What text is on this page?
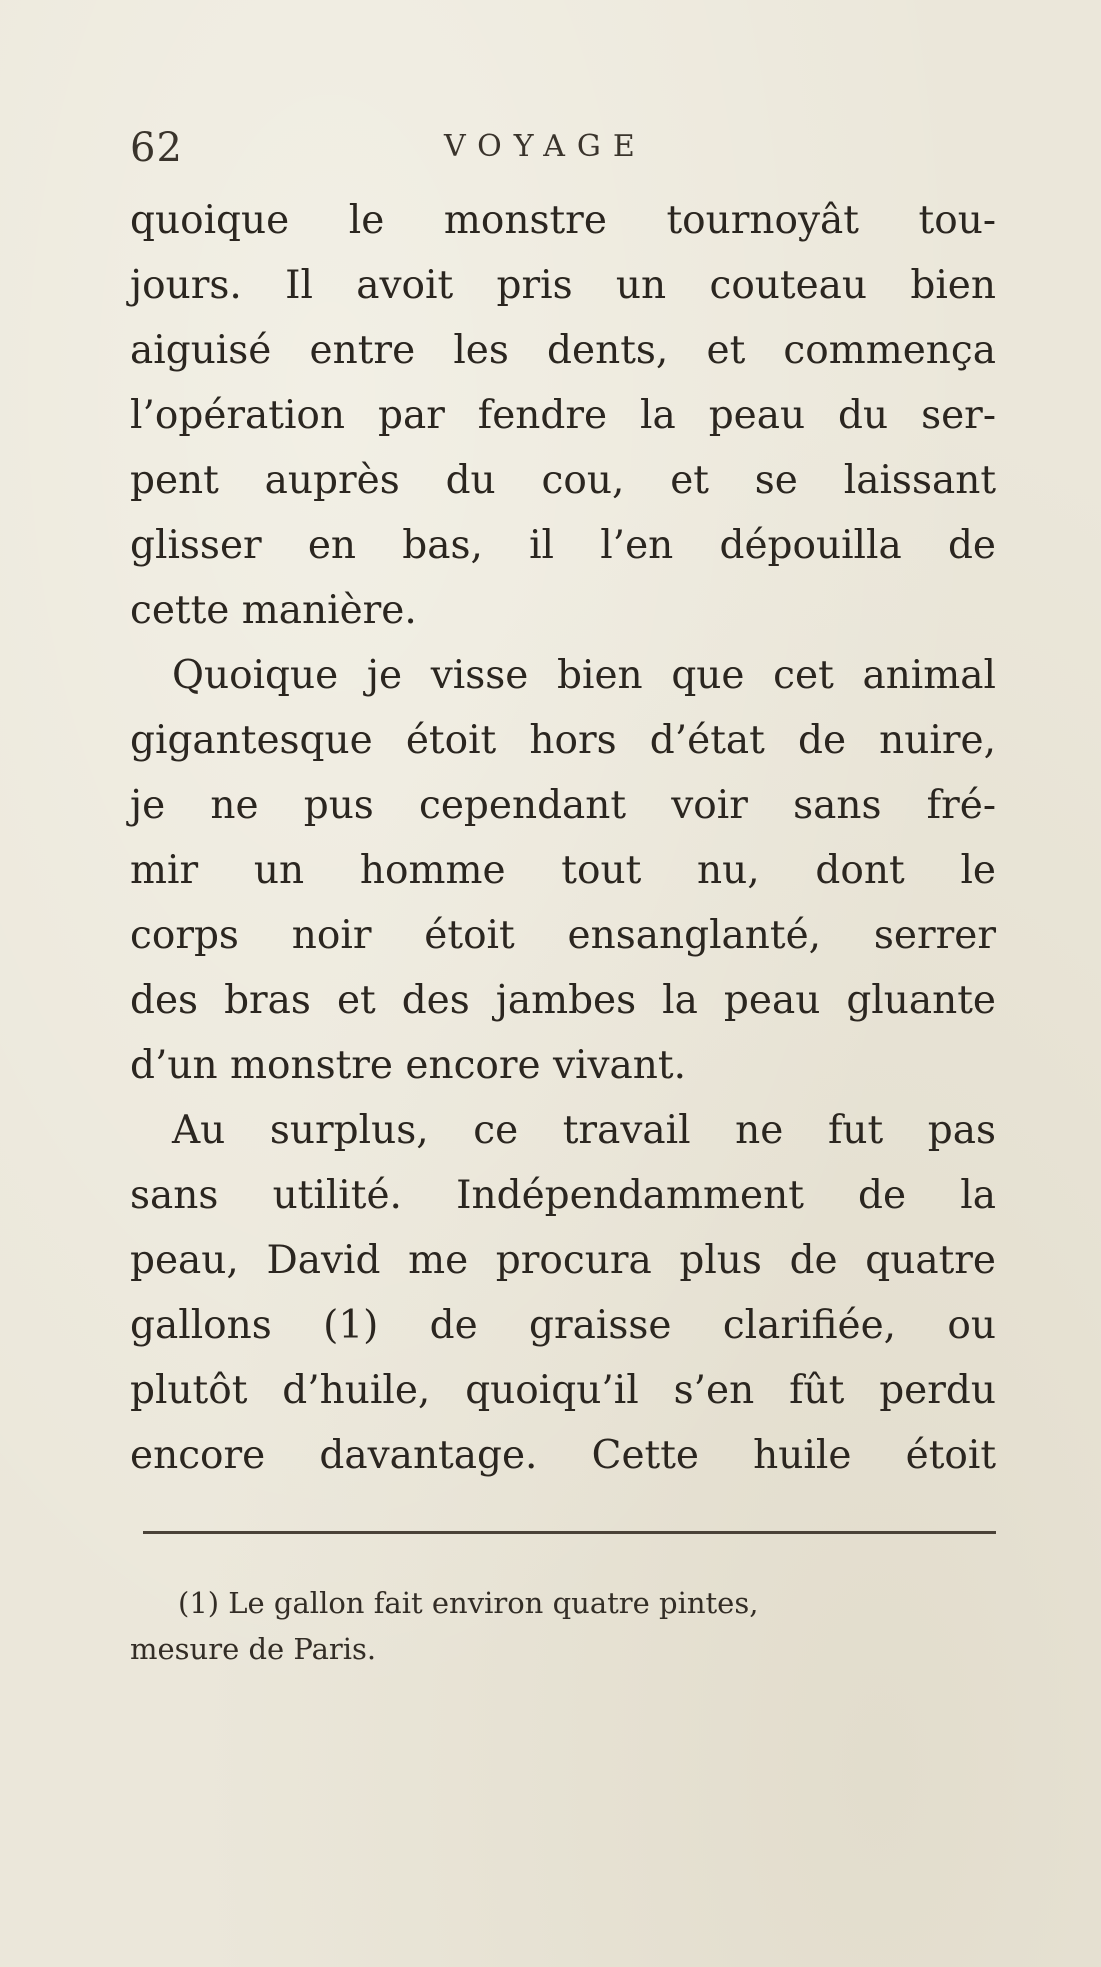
62	VOYAGE
quoique le monstre tournoyât tou-
jours. Il avoit pris un couteau bien
aiguisé entre les dents, et commença
l’opération par fendre la peau du ser-
pent auprès du cou, et se laissant
glisser en bas, il l’en dépouilla de
cette manière.
Quoique je visse bien que cet animal
gigantesque étoit hors d’état de nuire,
je ne pus cependant voir sans fré-
mir un homme tout nu, dont le
corps noir étoit ensanglanté, serrer
des bras et des jambes la peau gluante
d’un monstre encore vivant.
Au surplus, ce travail ne fut pas
sans utilité. Indépendamment de la
peau, David me procura plus de quatre
gallons (1) de graisse clarifiée, ou
plutôt d’huile, quoiqu’il s’en fût perdu
encore davantage. Cette huile étoit
(1) Le gallon fait environ quatre pintes,
mesure de Paris.
